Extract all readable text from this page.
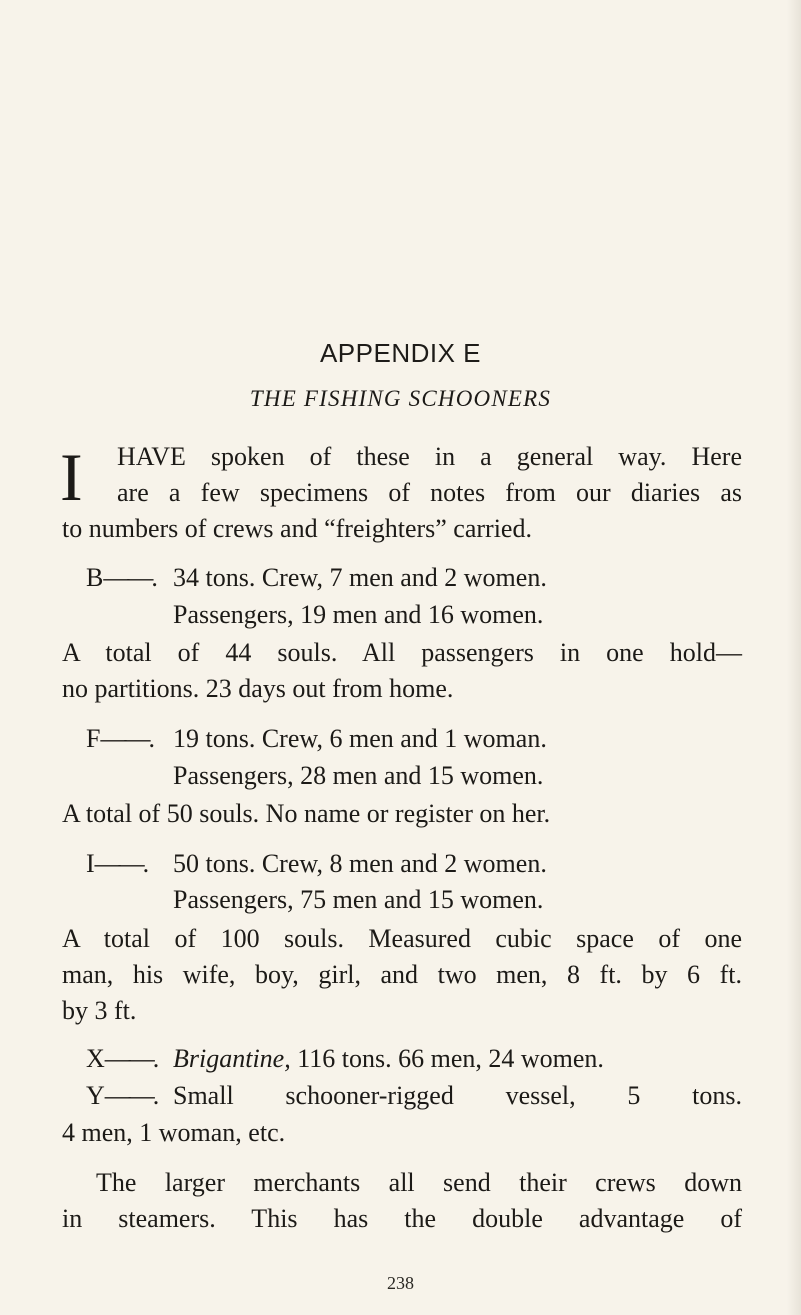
APPENDIX E
THE FISHING SCHOONERS
I HAVE spoken of these in a general way. Here
are a few specimens of notes from our diaries as
to numbers of crews and “freighters” carried.
B——. 34 tons. Crew, 7 men and 2 women.
Passengers, 19 men and 16 women.
A total of 44 souls. All passengers in one hold—
no partitions. 23 days out from home.
F——. 19 tons. Crew, 6 men and 1 woman.
Passengers, 28 men and 15 women.
A total of 50 souls. No name or register on her.
I——. 50 tons. Crew, 8 men and 2 women.
Passengers, 75 men and 15 women.
A total of 100 souls. Measured cubic space of one
man, his wife, boy, girl, and two men, 8 ft. by 6 ft.
by 3 ft.
X——. Brigantine, 116 tons. 66 men, 24 women.
Y——. Small schooner-rigged vessel, 5 tons.
4 men, 1 woman, etc.
The larger merchants all send their crews down
in steamers. This has the double advantage of
238
